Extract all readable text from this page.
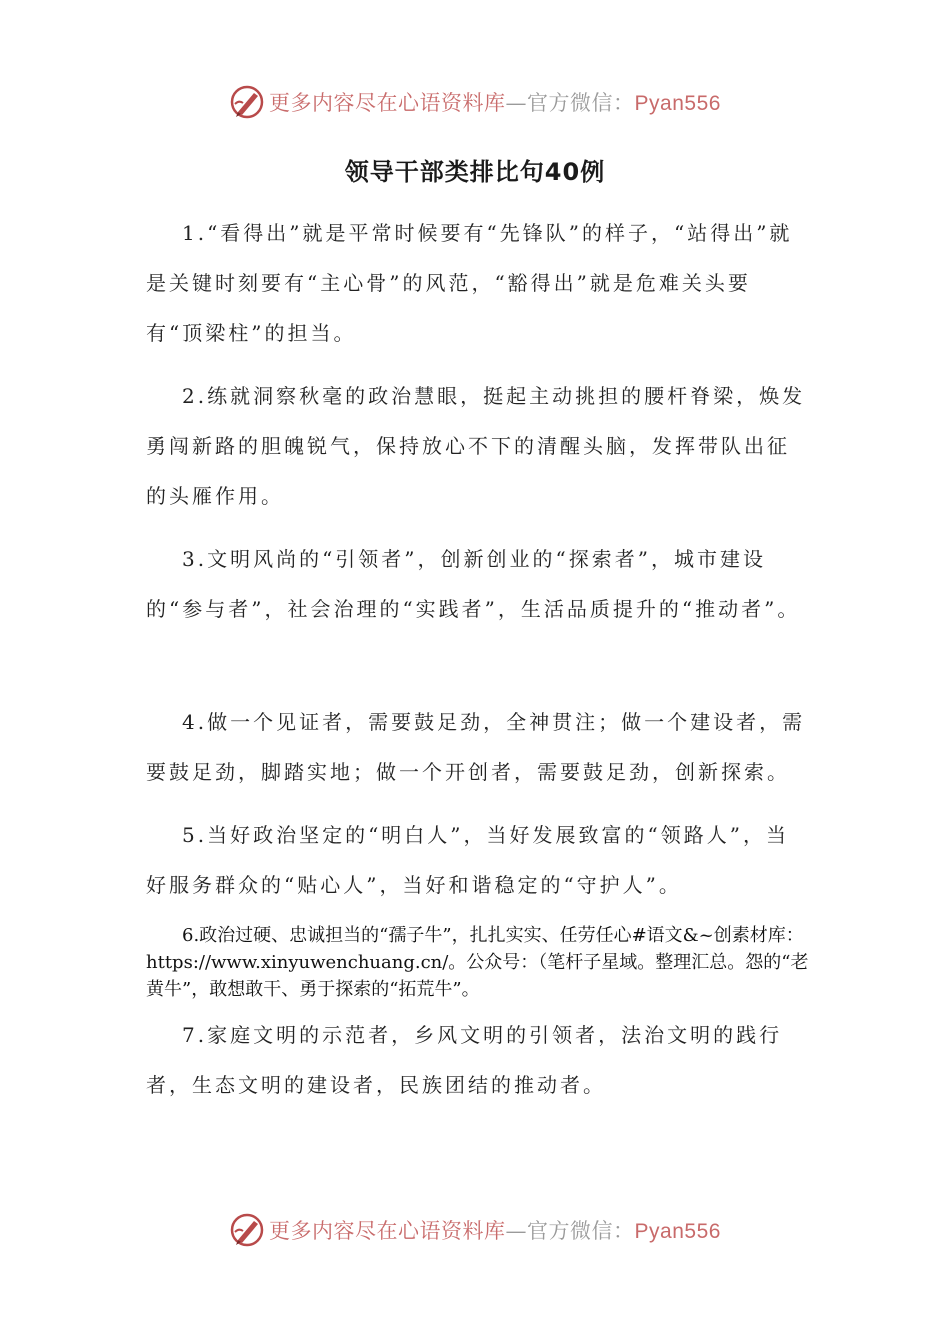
更多内容尽在心语资料库—官方微信：Pyan556
领导干部类排比句40例
1.“看得出”就是平常时候要有“先锋队”的样子，“站得出”就是关键时刻要有“主心骨”的风范，“豁得出”就是危难关头要有“顶梁柱”的担当。
2.练就洞察秋毫的政治慧眼，挺起主动挑担的腰杆脊梁，焕发勇闯新路的胆魄锐气，保持放心不下的清醒头脑，发挥带队出征的头雁作用。
3.文明风尚的“引领者”，创新创业的“探索者”，城市建设的“参与者”，社会治理的“实践者”，生活品质提升的“推动者”。
4.做一个见证者，需要鼓足劲，全神贯注；做一个建设者，需要鼓足劲，脚踏实地；做一个开创者，需要鼓足劲，创新探索。
5.当好政治坚定的“明白人”，当好发展致富的“领路人”，当好服务群众的“贴心人”，当好和谐稳定的“守护人”。
6.政治过硬、忠诚担当的“孺子牛”，扎扎实实、任劳任心#语文&~创素材库：https://www.xinyuwenchuang.cn/。公众号：（笔杆子星域。整理汇总。怨的“老黄牛”，敢想敢干、勇于探索的“拓荒牛”。
7.家庭文明的示范者，乡风文明的引领者，法治文明的践行者，生态文明的建设者，民族团结的推动者。
更多内容尽在心语资料库—官方微信：Pyan556
